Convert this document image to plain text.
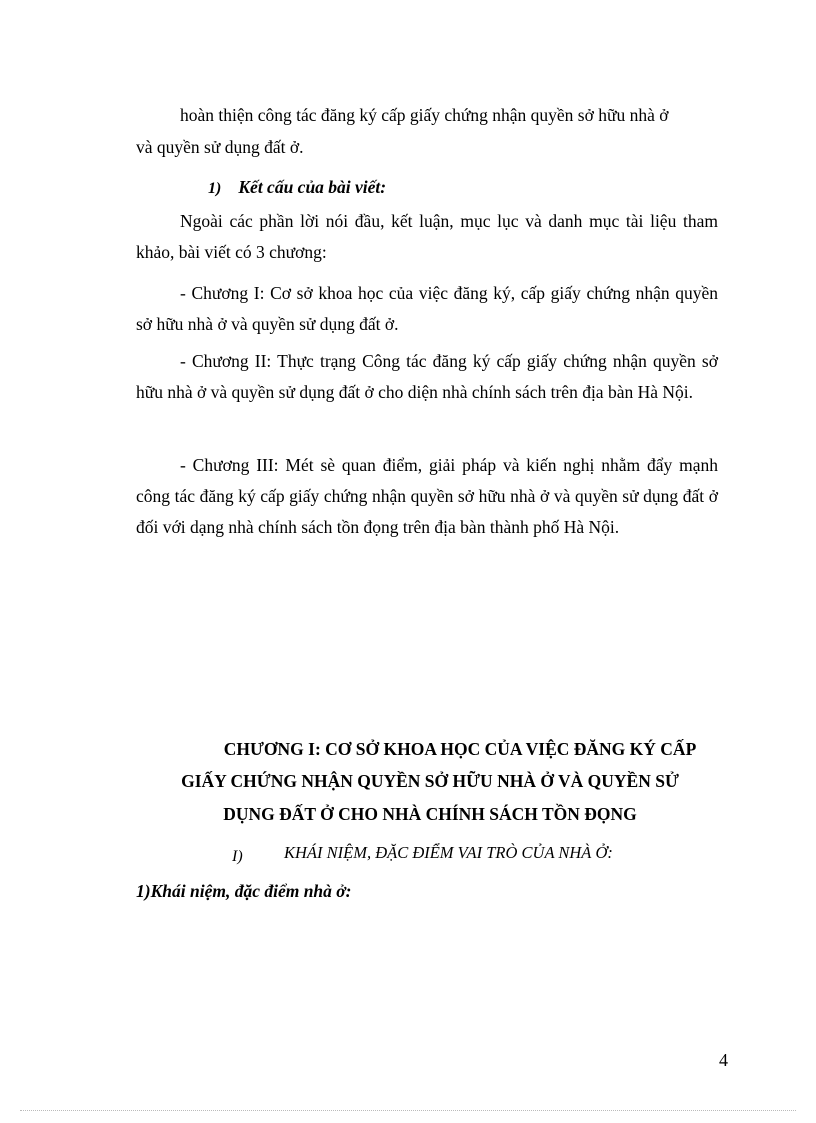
hoàn thiện công tác đăng ký cấp giấy chứng nhận quyền sở hữu nhà ở
và quyền sử dụng đất ở.
1) Kết cấu của bài viết:
Ngoài các phần lời nói đầu, kết luận, mục lục và danh mục tài liệu tham khảo, bài viết có 3 chương:
- Chương I: Cơ sở khoa học của việc đăng ký, cấp giấy chứng nhận quyền sở hữu nhà ở và quyền sử dụng đất ở.
- Chương II: Thực trạng Công tác đăng ký cấp giấy chứng nhận quyền sở hữu nhà ở và quyền sử dụng đất ở cho diện nhà chính sách trên địa bàn Hà Nội.
- Chương III: Mét sè quan điểm, giải pháp và kiến nghị nhằm đẩy mạnh công tác đăng ký cấp giấy chứng nhận quyền sở hữu nhà ở và quyền sử dụng đất ở đối với dạng nhà chính sách tồn đọng trên địa bàn thành phố Hà Nội.
CHƯƠNG I: CƠ SỞ KHOA HỌC CỦA VIỆC ĐĂNG KÝ CẤP
GIẤY CHỨNG NHẬN QUYỀN SỞ HỮU NHÀ Ở VÀ QUYỀN SỬ
DỤNG ĐẤT Ở CHO NHÀ CHÍNH SÁCH TỒN ĐỌNG
I)	KHÁI NIỆM, ĐẶC ĐIỂM VAI TRÒ CỦA NHÀ Ở:
1)Khái niệm, đặc điểm nhà ở:
4
